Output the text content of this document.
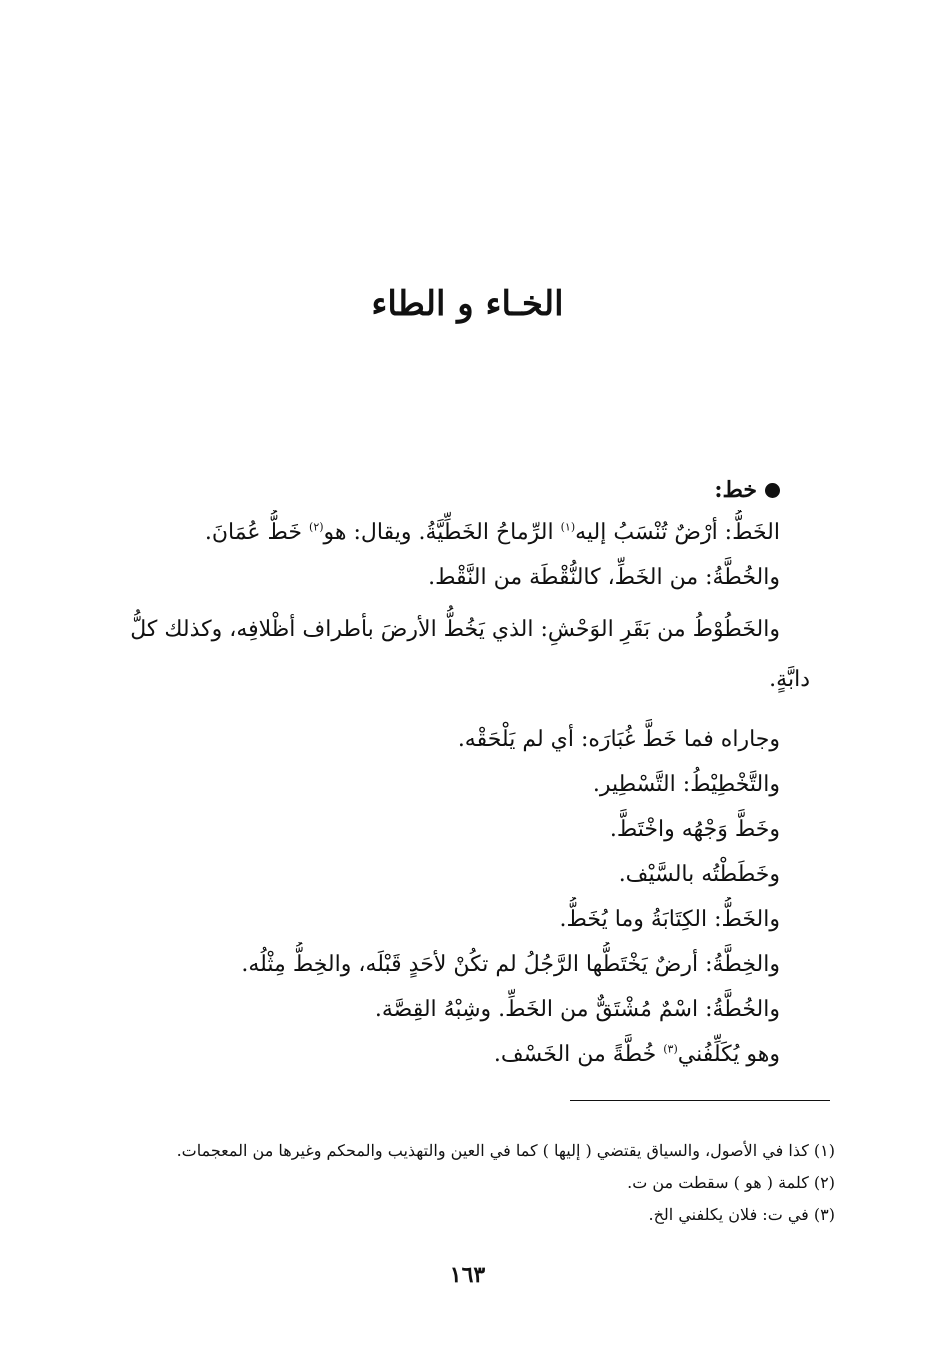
الخـاء و الطاء
خط:
الخَطُّ: أرْضٌ تُنْسَبُ إليه$^{(١)}$ الرِّماحُ الخَطِّيَّةُ. ويقال: هو$^{(٢)}$ خَطُّ عُمَانَ.
والخُطَّةُ: من الخَطِّ، كالنُّقْطَة من النَّقْط.
والخَطُوْطُ من بَقَرِ الوَحْشِ: الذي يَخُطُّ الأرضَ بأطراف أظْلافِه، وكذلك كلُّ
دابَّةٍ.
وجاراه فما خَطَّ غُبَارَه: أي لم يَلْحَقْه.
والتَّخْطِيْطُ: التَّسْطِير.
وخَطَّ وَجْهُه واخْتَطَّ.
وخَطَطْتُه بالسَّيْف.
والخَطُّ: الكِتَابَةُ وما يُخَطُّ.
والخِطَّةُ: أرضٌ يَخْتَطُّها الرَّجُلُ لم تكُنْ لأحَدٍ قَبْلَه، والخِطُّ مِثْلُه.
والخُطَّةُ: اسْمٌ مُشْتَقٌّ من الخَطِّ. وشِبْهُ القِصَّة.
وهو يُكَلِّفُني$^{(٣)}$ خُطَّةً من الخَسْف.
(١) كذا في الأصول، والسياق يقتضي ( إليها ) كما في العين والتهذيب والمحكم وغيرها من المعجمات.
(٢) كلمة ( هو ) سقطت من ت.
(٣) في ت: فلان يكلفني الخ.
١٦٣
